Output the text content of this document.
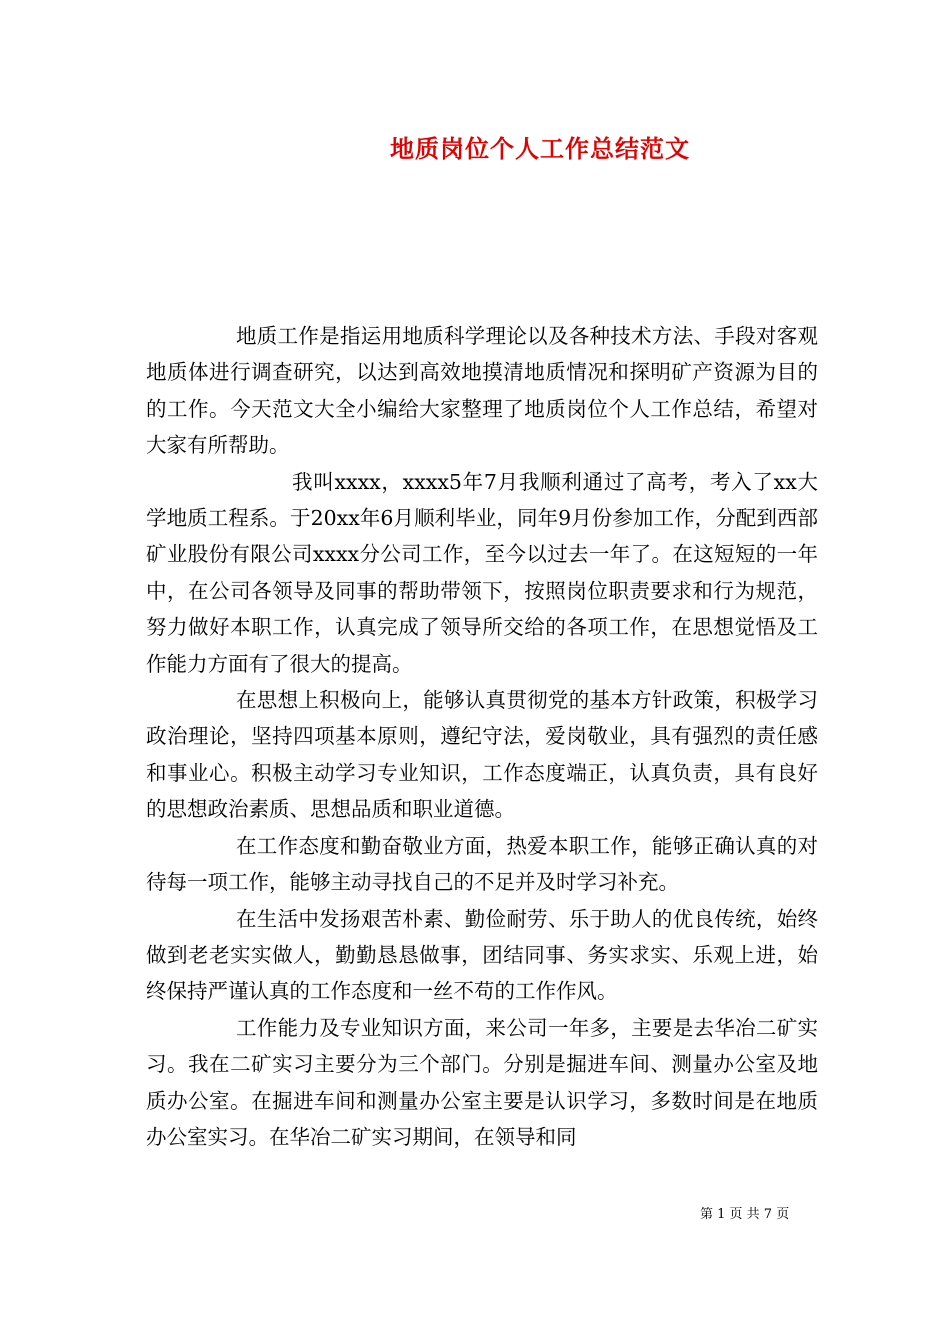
地质岗位个人工作总结范文

地质工作是指运用地质科学理论以及各种技术方法、手段对客观地质体进行调查研究，以达到高效地摸清地质情况和探明矿产资源为目的的工作。今天范文大全小编给大家整理了地质岗位个人工作总结，希望对大家有所帮助。

我叫xxxx，xxxx5年7月我顺利通过了高考，考入了xx大学地质工程系。于20xx年6月顺利毕业，同年9月份参加工作，分配到西部矿业股份有限公司xxxx分公司工作，至今以过去一年了。在这短短的一年中，在公司各领导及同事的帮助带领下，按照岗位职责要求和行为规范，努力做好本职工作，认真完成了领导所交给的各项工作，在思想觉悟及工作能力方面有了很大的提高。

在思想上积极向上，能够认真贯彻党的基本方针政策，积极学习政治理论，坚持四项基本原则，遵纪守法，爱岗敬业，具有强烈的责任感和事业心。积极主动学习专业知识，工作态度端正，认真负责，具有良好的思想政治素质、思想品质和职业道德。

在工作态度和勤奋敬业方面，热爱本职工作，能够正确认真的对待每一项工作，能够主动寻找自己的不足并及时学习补充。

在生活中发扬艰苦朴素、勤俭耐劳、乐于助人的优良传统，始终做到老老实实做人，勤勤恳恳做事，团结同事、务实求实、乐观上进，始终保持严谨认真的工作态度和一丝不苟的工作作风。

工作能力及专业知识方面，来公司一年多，主要是去华冶二矿实习。我在二矿实习主要分为三个部门。分别是掘进车间、测量办公室及地质办公室。在掘进车间和测量办公室主要是认识学习，多数时间是在地质办公室实习。在华冶二矿实习期间，在领导和同

第 1 页 共 7 页
